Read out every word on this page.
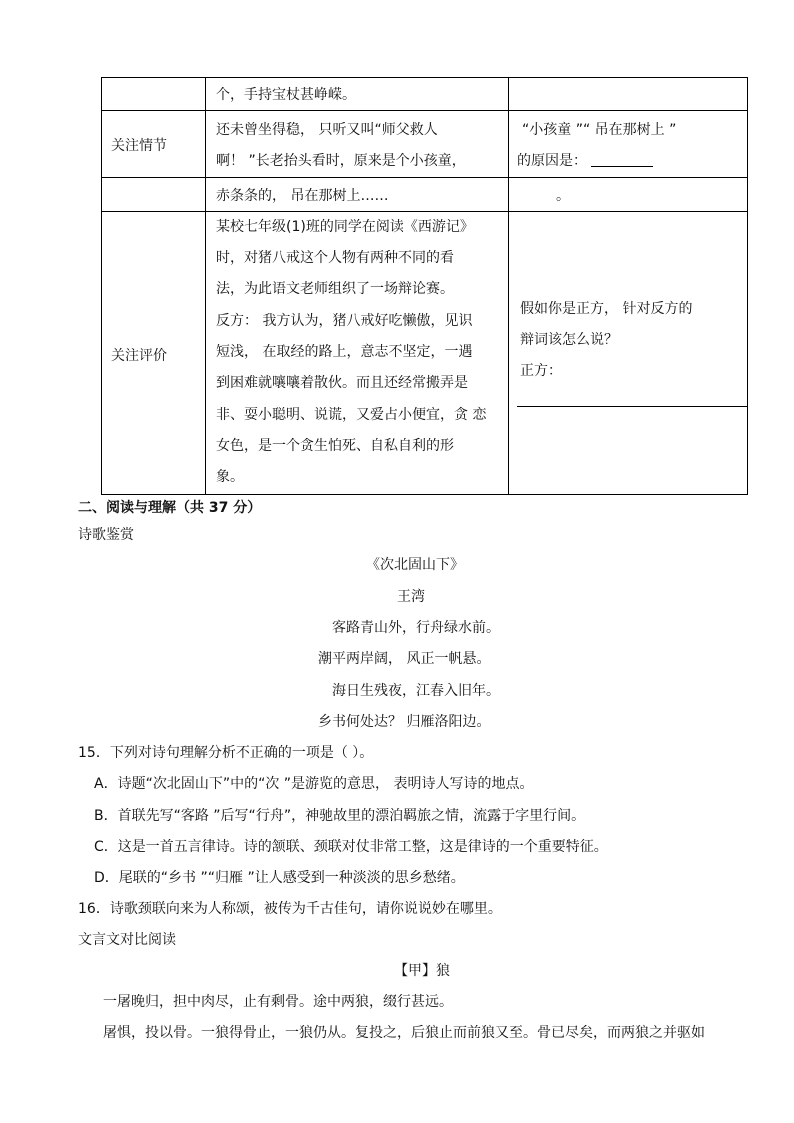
个，手持宝杖甚峥嵘。
关注情节
还未曾坐得稳， 只听又叫“师父救人
啊！ ”长老抬头看时，原来是个小孩童，
“小孩童 ”“ 吊在那树上 ”
的原因是：
赤条条的， 吊在那树上……	。
关注评价
某校七年级(1)班的同学在阅读《西游记》
时，对猪八戒这个人物有两种不同的看
法，为此语文老师组织了一场辩论赛。
反方： 我方认为，猪八戒好吃懒傲，见识
短浅， 在取经的路上，意志不坚定，一遇
到困难就嚷嚷着散伙。而且还经常搬弄是
非、耍小聪明、说谎，又爱占小便宜，贪 恋
女色，是一个贪生怕死、自私自利的形
象。
假如你是正方， 针对反方的
辩词该怎么说？
正方：
二、阅读与理解（共 37 分）
诗歌鉴赏
《次北固山下》
王湾
客路青山外，行舟绿水前。
潮平两岸阔， 风正一帆悬。
海日生残夜，江春入旧年。
乡书何处达？ 归雁洛阳边。
15．下列对诗句理解分析不正确的一项是（ ）。
A．诗题“次北固山下”中的“次 ”是游览的意思， 表明诗人写诗的地点。
B．首联先写“客路 ”后写“行舟”，神驰故里的漂泊羁旅之情，流露于字里行间。
C．这是一首五言律诗。诗的颔联、颈联对仗非常工整，这是律诗的一个重要特征。
D．尾联的“乡书 ”“归雁 ”让人感受到一种淡淡的思乡愁绪。
16．诗歌颈联向来为人称颂，被传为千古佳句，请你说说妙在哪里。
文言文对比阅读
【甲】狼
一屠晚归，担中肉尽，止有剩骨。途中两狼，缀行甚远。
屠惧，投以骨。一狼得骨止，一狼仍从。复投之，后狼止而前狼又至。骨已尽矣，而两狼之并驱如
